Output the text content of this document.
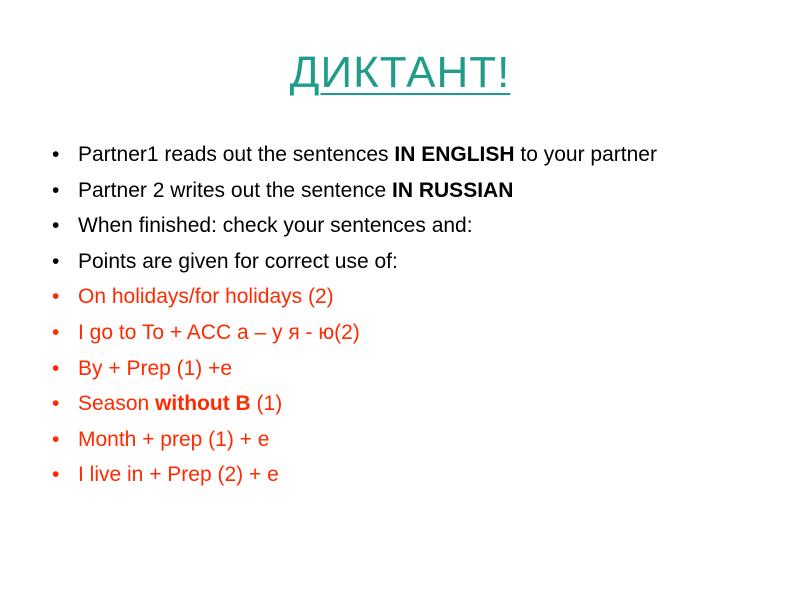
ДИКТАНТ!
• Partner1 reads out the sentences IN ENGLISH to your partner
• Partner 2 writes out the sentence IN RUSSIAN
• When finished: check your sentences and:
• Points are given for correct use of:
• On holidays/for holidays (2)
• I go to To + ACC а – у я - ю(2)
• By + Prep (1) +е
• Season without B (1)
• Month + prep (1) + е
• I live in + Prep (2) + е
